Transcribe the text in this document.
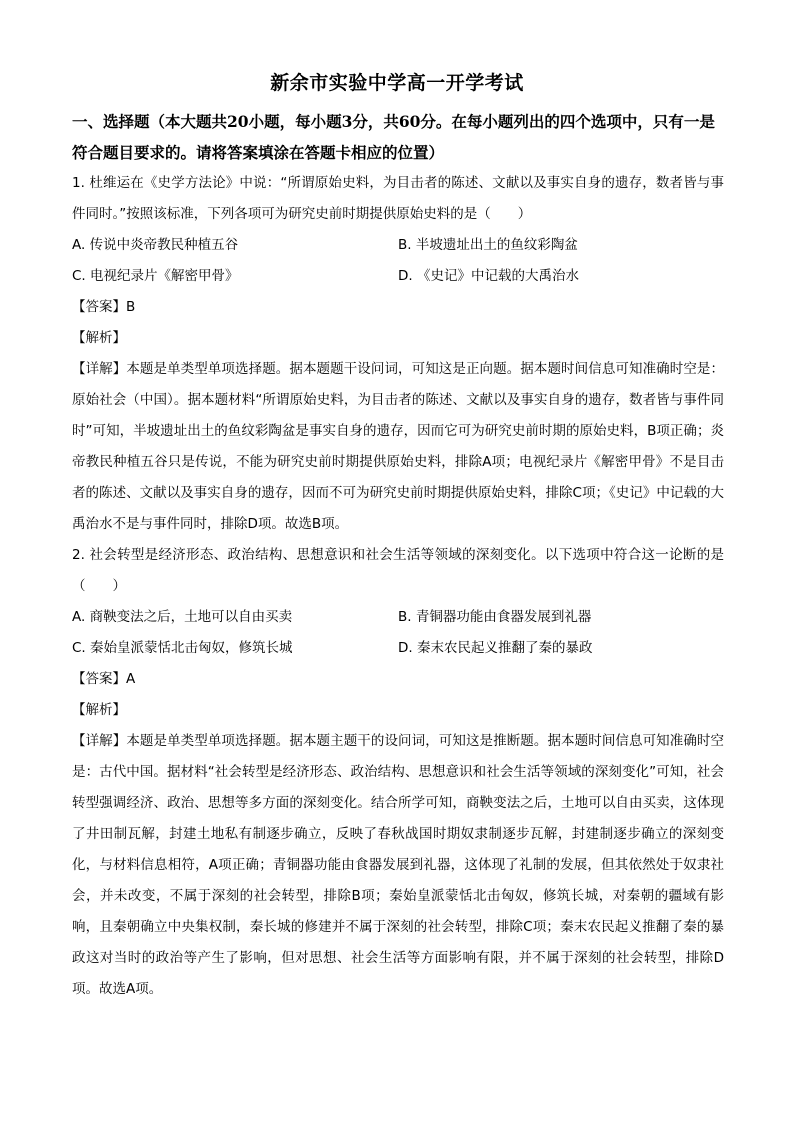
新余市实验中学高一开学考试
一、选择题（本大题共20小题，每小题3分，共60分。在每小题列出的四个选项中，只有一是符合题目要求的。请将答案填涂在答题卡相应的位置）

1. 杜维运在《史学方法论》中说：“所谓原始史料，为目击者的陈述、文献以及事实自身的遗存，数者皆与事件同时。”按照该标准，下列各项可为研究史前时期提供原始史料的是（　　）

A. 传说中炎帝教民种植五谷	B. 半坡遗址出土的鱼纹彩陶盆
C. 电视纪录片《解密甲骨》	D. 《史记》中记载的大禹治水

【答案】B

【解析】

【详解】本题是单类型单项选择题。据本题题干设问词，可知这是正向题。据本题时间信息可知准确时空是：原始社会（中国）。据本题材料“所谓原始史料，为目击者的陈述、文献以及事实自身的遗存，数者皆与事件同时”可知，半坡遗址出土的鱼纹彩陶盆是事实自身的遗存，因而它可为研究史前时期的原始史料，B项正确；炎帝教民种植五谷只是传说，不能为研究史前时期提供原始史料，排除A项；电视纪录片《解密甲骨》不是目击者的陈述、文献以及事实自身的遗存，因而不可为研究史前时期提供原始史料，排除C项；《史记》中记载的大禹治水不是与事件同时，排除D项。故选B项。

2. 社会转型是经济形态、政治结构、思想意识和社会生活等领域的深刻变化。以下选项中符合这一论断的是（　　）

A. 商鞅变法之后，土地可以自由买卖	B. 青铜器功能由食器发展到礼器
C. 秦始皇派蒙恬北击匈奴，修筑长城	D. 秦末农民起义推翻了秦的暴政

【答案】A

【解析】

【详解】本题是单类型单项选择题。据本题主题干的设问词，可知这是推断题。据本题时间信息可知准确时空是：古代中国。据材料“社会转型是经济形态、政治结构、思想意识和社会生活等领域的深刻变化”可知，社会转型强调经济、政治、思想等多方面的深刻变化。结合所学可知，商鞅变法之后，土地可以自由买卖，这体现了井田制瓦解，封建土地私有制逐步确立，反映了春秋战国时期奴隶制逐步瓦解，封建制逐步确立的深刻变化，与材料信息相符，A项正确；青铜器功能由食器发展到礼器，这体现了礼制的发展，但其依然处于奴隶社会，并未改变，不属于深刻的社会转型，排除B项；秦始皇派蒙恬北击匈奴，修筑长城，对秦朝的疆域有影响，且秦朝确立中央集权制，秦长城的修建并不属于深刻的社会转型，排除C项；秦末农民起义推翻了秦的暴政这对当时的政治等产生了影响，但对思想、社会生活等方面影响有限，并不属于深刻的社会转型，排除D项。故选A项。
